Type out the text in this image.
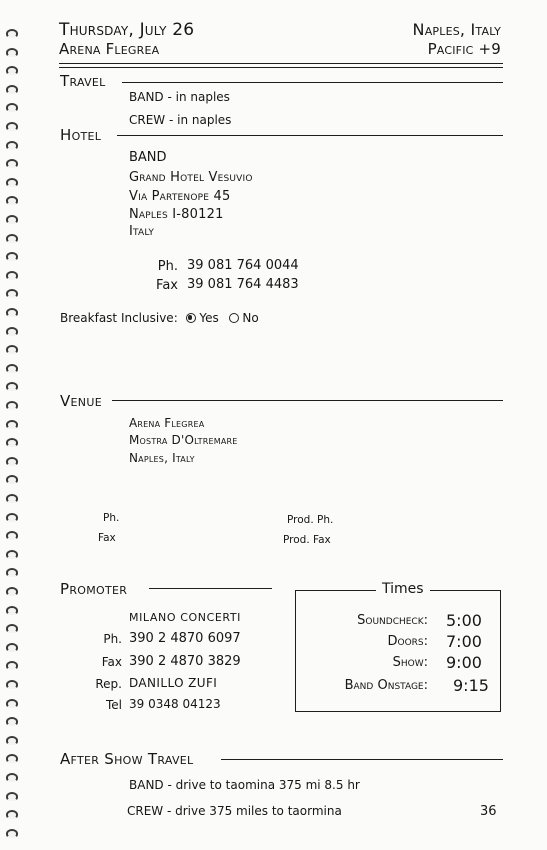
Thursday, July 26
Arena Flegrea
Naples, Italy
Pacific +9
Travel
BAND - in naples
CREW - in naples
Hotel
BAND
Grand Hotel Vesuvio
Via Partenope 45
Naples I-80121
Italy
Ph. 39 081 764 0044
Fax 39 081 764 4483
Breakfast Inclusive: Yes No
Venue
Arena Flegrea
Mostra D'Oltremare
Naples, Italy
Ph.
Fax
Prod. Ph.
Prod. Fax
Promoter
MILANO CONCERTI
Ph. 390 2 4870 6097
Fax 390 2 4870 3829
Rep. DANILLO ZUFI
Tel 39 0348 04123
Times
Soundcheck: 5:00
Doors: 7:00
Show: 9:00
Band Onstage: 9:15
After Show Travel
BAND - drive to taomina 375 mi 8.5 hr
CREW - drive 375 miles to taormina	36
